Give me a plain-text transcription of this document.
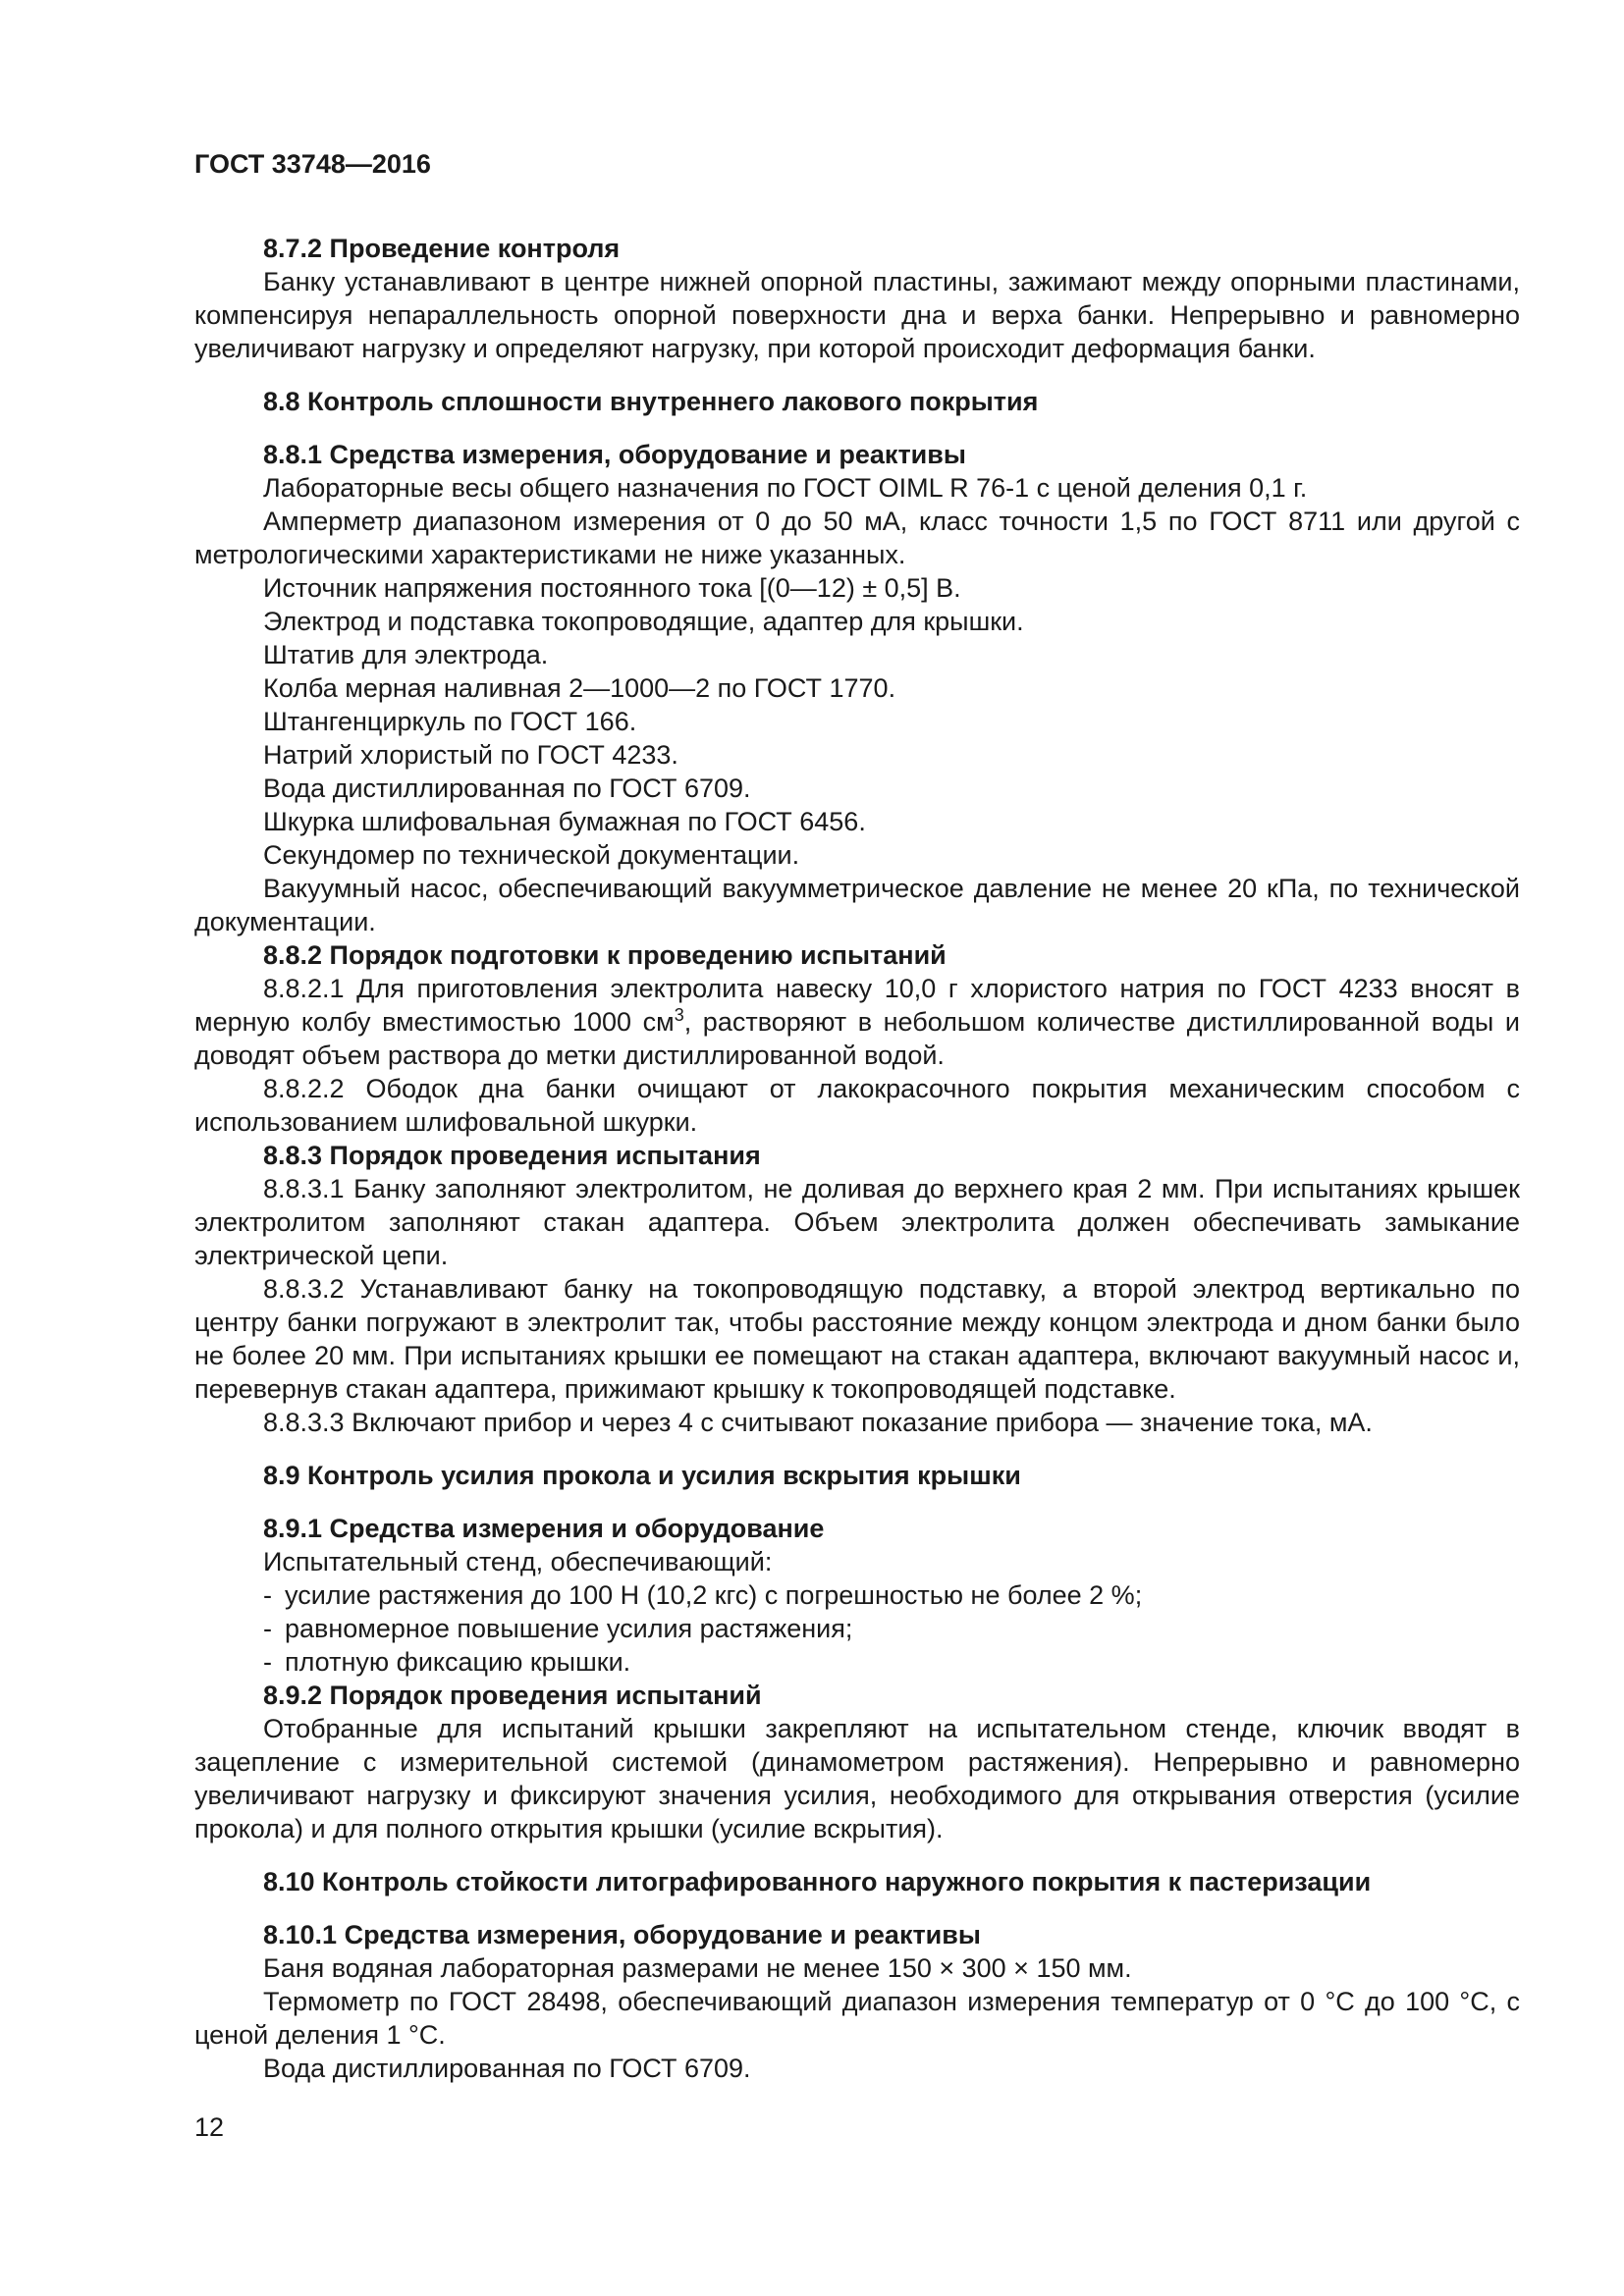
ГОСТ 33748—2016
8.7.2 Проведение контроля

Банку устанавливают в центре нижней опорной пластины, зажимают между опорными пластинами, компенсируя непараллельность опорной поверхности дна и верха банки. Непрерывно и равномерно увеличивают нагрузку и определяют нагрузку, при которой происходит деформация банки.

8.8 Контроль сплошности внутреннего лакового покрытия
8.8.1 Средства измерения, оборудование и реактивы

Лабораторные весы общего назначения по ГОСТ OIML R 76-1 с ценой деления 0,1 г.

Амперметр диапазоном измерения от 0 до 50 мА, класс точности 1,5 по ГОСТ 8711 или другой с метрологическими характеристиками не ниже указанных.

Источник напряжения постоянного тока [(0—12) ± 0,5] В.

Электрод и подставка токопроводящие, адаптер для крышки.

Штатив для электрода.

Колба мерная наливная 2—1000—2 по ГОСТ 1770.

Штангенциркуль по ГОСТ 166.

Натрий хлористый по ГОСТ 4233.

Вода дистиллированная по ГОСТ 6709.

Шкурка шлифовальная бумажная по ГОСТ 6456.

Секундомер по технической документации.

Вакуумный насос, обеспечивающий вакуумметрическое давление не менее 20 кПа, по технической документации.

8.8.2 Порядок подготовки к проведению испытаний

8.8.2.1 Для приготовления электролита навеску 10,0 г хлористого натрия по ГОСТ 4233 вносят в мерную колбу вместимостью 1000 $см^3$, растворяют в небольшом количестве дистиллированной воды и доводят объем раствора до метки дистиллированной водой.

8.8.2.2 Ободок дна банки очищают от лакокрасочного покрытия механическим способом с использованием шлифовальной шкурки.

8.8.3 Порядок проведения испытания

8.8.3.1 Банку заполняют электролитом, не доливая до верхнего края 2 мм. При испытаниях крышек электролитом заполняют стакан адаптера. Объем электролита должен обеспечивать замыкание электрической цепи.

8.8.3.2 Устанавливают банку на токопроводящую подставку, а второй электрод вертикально по центру банки погружают в электролит так, чтобы расстояние между концом электрода и дном банки было не более 20 мм. При испытаниях крышки ее помещают на стакан адаптера, включают вакуумный насос и, перевернув стакан адаптера, прижимают крышку к токопроводящей подставке.

8.8.3.3 Включают прибор и через 4 с считывают показание прибора — значение тока, мА.

8.9 Контроль усилия прокола и усилия вскрытия крышки
8.9.1 Средства измерения и оборудование

Испытательный стенд, обеспечивающий:

- усилие растяжения до 100 Н (10,2 кгс) с погрешностью не более 2 %;
- равномерное повышение усилия растяжения;
- плотную фиксацию крышки.
8.9.2 Порядок проведения испытаний

Отобранные для испытаний крышки закрепляют на испытательном стенде, ключик вводят в зацепление с измерительной системой (динамометром растяжения). Непрерывно и равномерно увеличивают нагрузку и фиксируют значения усилия, необходимого для открывания отверстия (усилие прокола) и для полного открытия крышки (усилие вскрытия).

8.10 Контроль стойкости литографированного наружного покрытия к пастеризации
8.10.1 Средства измерения, оборудование и реактивы

Баня водяная лабораторная размерами не менее 150 × 300 × 150 мм.

Термометр по ГОСТ 28498, обеспечивающий диапазон измерения температур от 0 °С до 100 °С, с ценой деления 1 °С.

Вода дистиллированная по ГОСТ 6709.

12
